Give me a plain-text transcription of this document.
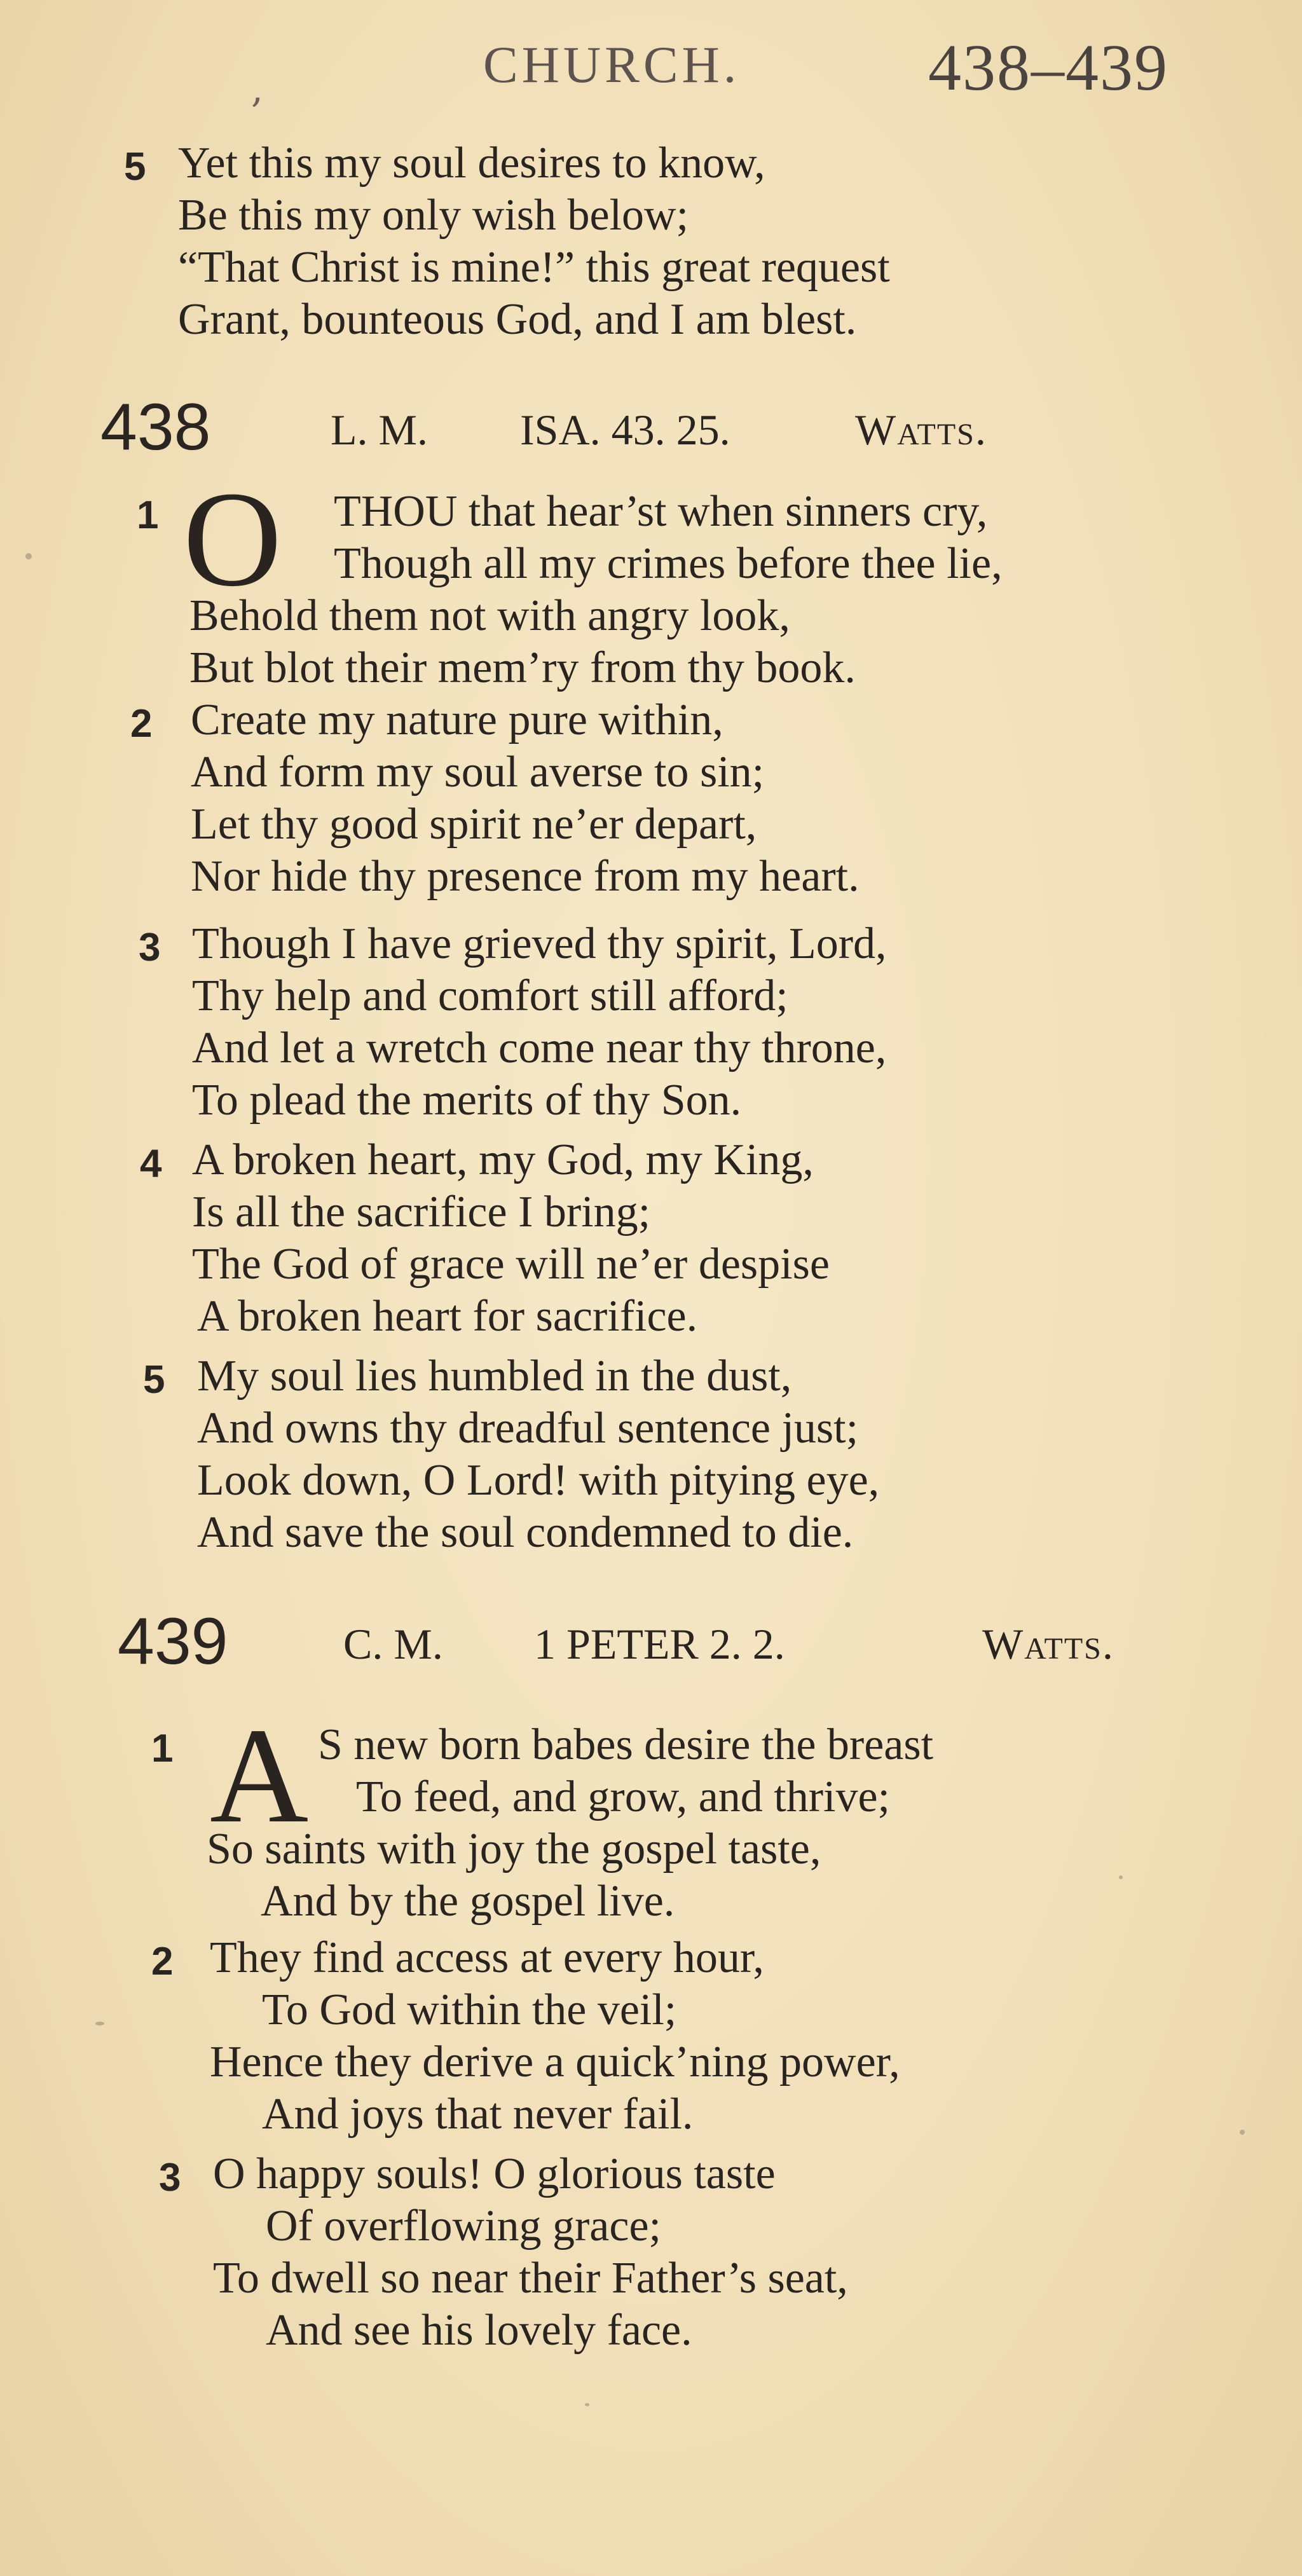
,	CHURCH.	438–439
5 Yet this my soul desires to know,
Be this my only wish below;
“That Christ is mine!” this great request
Grant, bounteous God, and I am blest.
438	L. M. ISA. 43. 25.	Watts.
1 O THOU that hear’st when sinners cry,
Though all my crimes before thee lie,
Behold them not with angry look,
But blot their mem’ry from thy book.
2 Create my nature pure within,
And form my soul averse to sin;
Let thy good spirit ne’er depart,
Nor hide thy presence from my heart.
3 Though I have grieved thy spirit, Lord,
Thy help and comfort still afford;
And let a wretch come near thy throne,
To plead the merits of thy Son.
4 A broken heart, my God, my King,
Is all the sacrifice I bring;
The God of grace will ne’er despise
A broken heart for sacrifice.
5 My soul lies humbled in the dust,
And owns thy dreadful sentence just;
Look down, O Lord! with pitying eye,
And save the soul condemned to die.
439	C. M. 1 PETER 2. 2.	Watts.
1 A S new born babes desire the breast
To feed, and grow, and thrive;
So saints with joy the gospel taste,
And by the gospel live.
2 They find access at every hour,
To God within the veil;
Hence they derive a quick’ning power,
And joys that never fail.
3 O happy souls! O glorious taste
Of overflowing grace;
To dwell so near their Father’s seat,
And see his lovely face.
